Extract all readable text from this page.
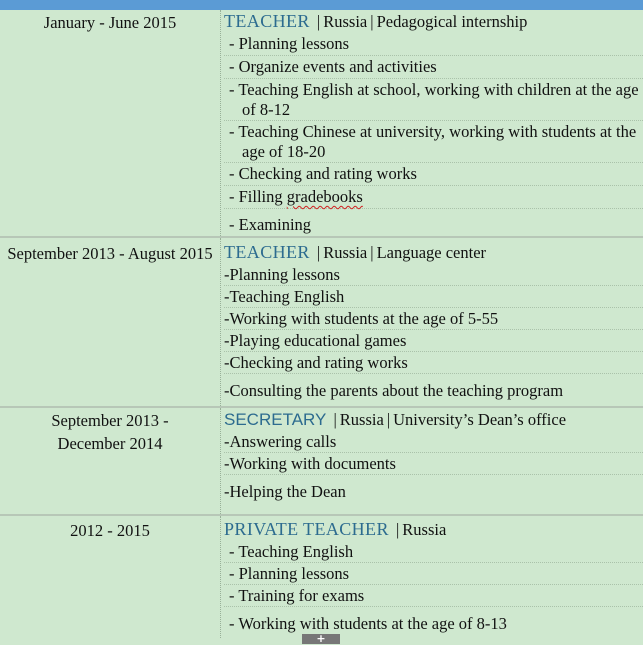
January - June 2015	TEACHER | Russia | Pedagogical internship
- Planning lessons
- Organize events and activities
- Teaching English at school, working with children at the age of 8-12
- Teaching Chinese at university, working with students at the age of 18-20
- Checking and rating works
- Filling gradebooks
- Examining
September 2013 - August 2015 TEACHER | Russia | Language center
-Planning lessons
-Teaching English
-Working with students at the age of 5-55
-Playing educational games
-Checking and rating works
-Consulting the parents about the teaching program
September 2013 - December 2014
SECRETARY | Russia | University’s Dean’s office
-Answering calls
-Working with documents
-Helping the Dean
2012 - 2015	PRIVATE TEACHER | Russia
- Teaching English
- Planning lessons
- Training for exams
- Working with students at the age of 8-13
+
